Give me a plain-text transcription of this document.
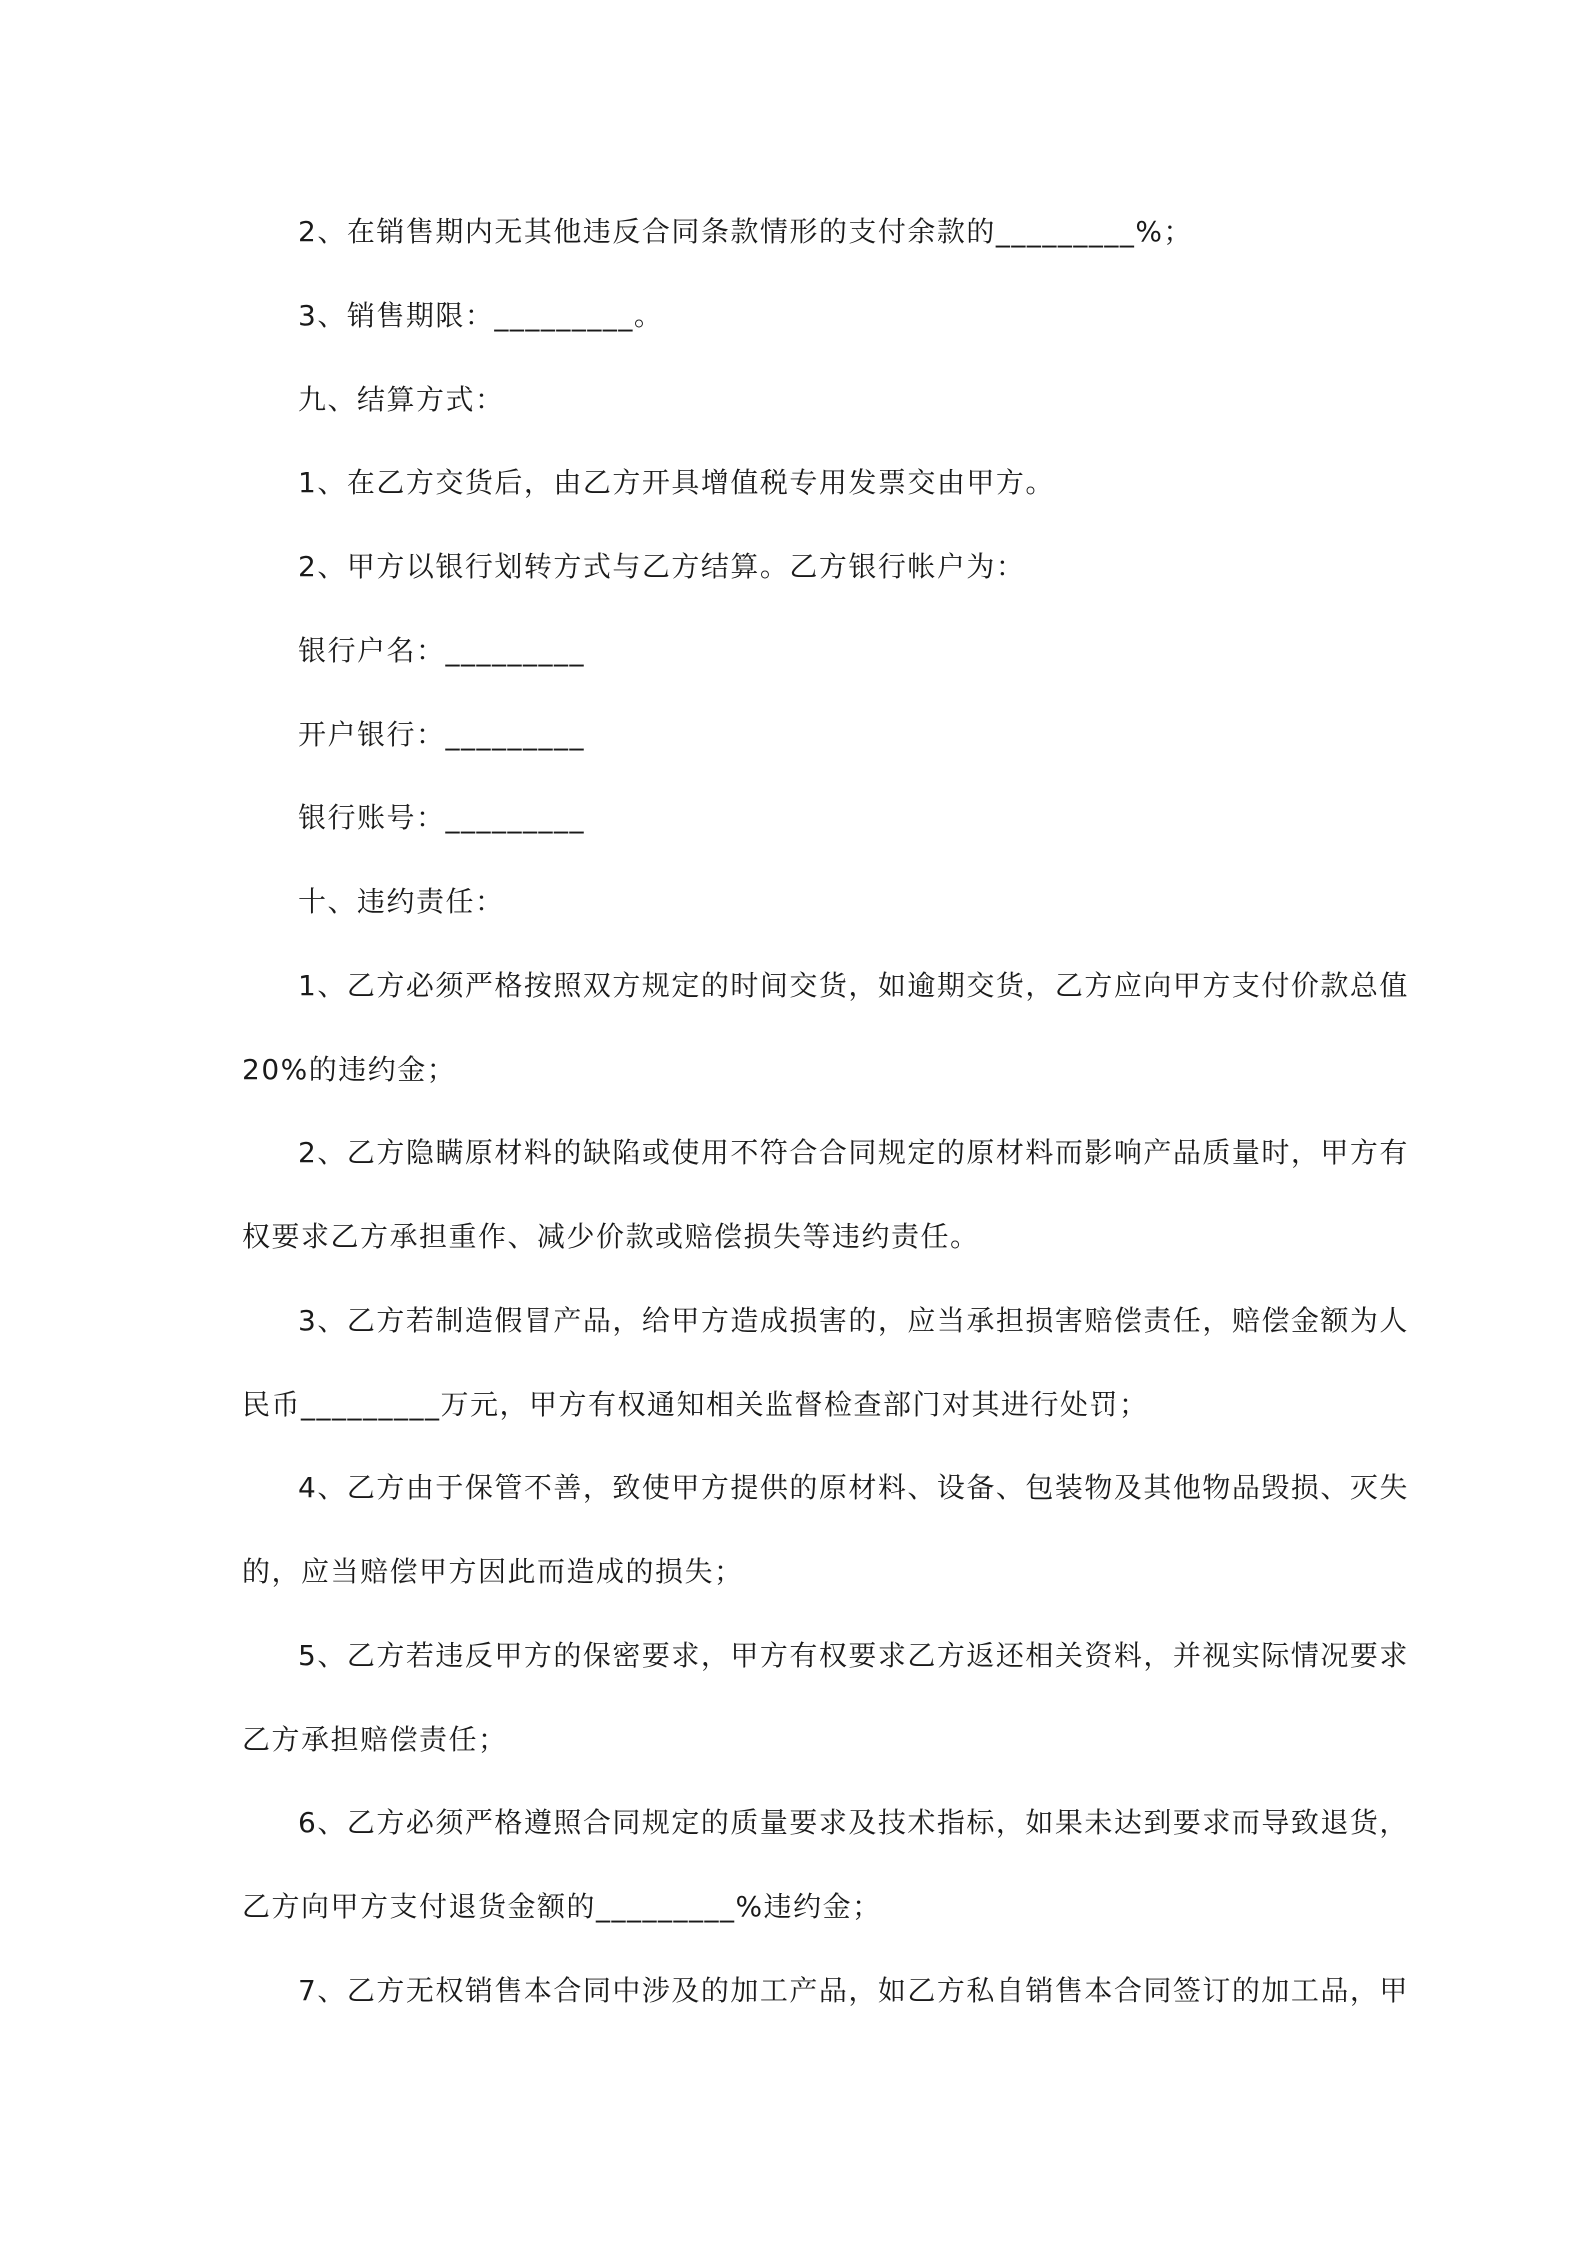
2、在销售期内无其他违反合同条款情形的支付余款的_________%；
3、销售期限：_________。
九、结算方式：
1、在乙方交货后，由乙方开具增值税专用发票交由甲方。
2、甲方以银行划转方式与乙方结算。乙方银行帐户为：
银行户名：_________
开户银行：_________
银行账号：_________
十、违约责任：
1、乙方必须严格按照双方规定的时间交货，如逾期交货，乙方应向甲方支付价款总值
20%的违约金；
2、乙方隐瞒原材料的缺陷或使用不符合合同规定的原材料而影响产品质量时，甲方有
权要求乙方承担重作、减少价款或赔偿损失等违约责任。
3、乙方若制造假冒产品，给甲方造成损害的，应当承担损害赔偿责任，赔偿金额为人
民币_________万元，甲方有权通知相关监督检查部门对其进行处罚；
4、乙方由于保管不善，致使甲方提供的原材料、设备、包装物及其他物品毁损、灭失
的，应当赔偿甲方因此而造成的损失；
5、乙方若违反甲方的保密要求，甲方有权要求乙方返还相关资料，并视实际情况要求
乙方承担赔偿责任；
6、乙方必须严格遵照合同规定的质量要求及技术指标，如果未达到要求而导致退货，
乙方向甲方支付退货金额的_________%违约金；
7、乙方无权销售本合同中涉及的加工产品，如乙方私自销售本合同签订的加工品，甲
